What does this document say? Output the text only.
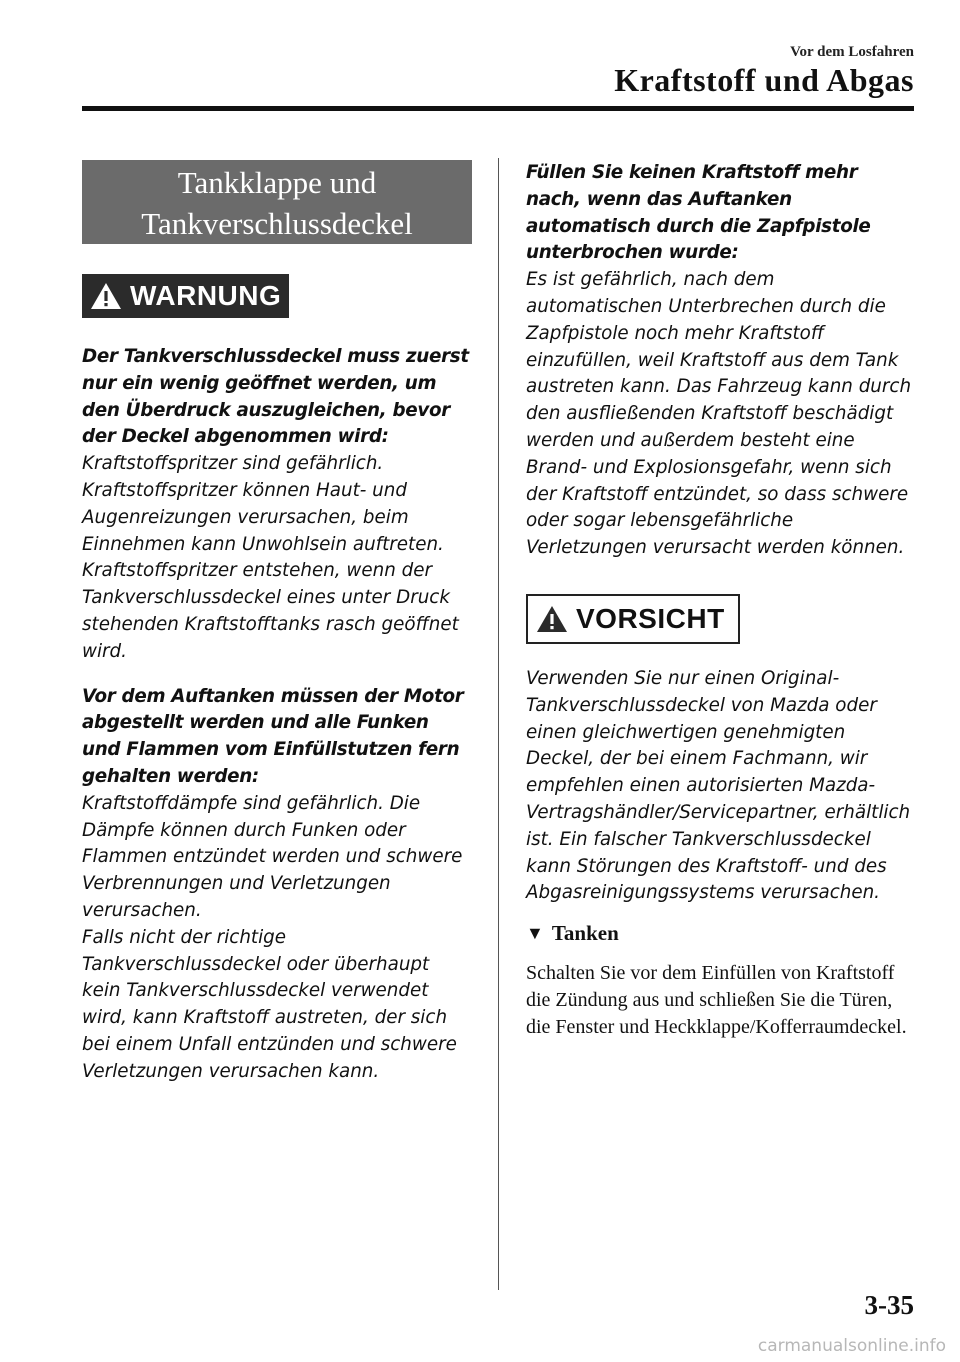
Vor dem Losfahren
Kraftstoff und Abgas
Tankklappe und
Tankverschlussdeckel
WARNUNG

Der Tankverschlussdeckel muss zuerst nur ein wenig geöffnet werden, um den Überdruck auszugleichen, bevor der Deckel abgenommen wird:

Kraftstoffspritzer sind gefährlich. Kraftstoffspritzer können Haut- und Augenreizungen verursachen, beim Einnehmen kann Unwohlsein auftreten. Kraftstoffspritzer entstehen, wenn der Tankverschlussdeckel eines unter Druck stehenden Kraftstofftanks rasch geöffnet wird.

Vor dem Auftanken müssen der Motor abgestellt werden und alle Funken und Flammen vom Einfüllstutzen fern gehalten werden:

Kraftstoffdämpfe sind gefährlich. Die Dämpfe können durch Funken oder Flammen entzündet werden und schwere Verbrennungen und Verletzungen verursachen.

Falls nicht der richtige Tankverschlussdeckel oder überhaupt kein Tankverschlussdeckel verwendet wird, kann Kraftstoff austreten, der sich bei einem Unfall entzünden und schwere Verletzungen verursachen kann.

Füllen Sie keinen Kraftstoff mehr nach, wenn das Auftanken automatisch durch die Zapfpistole unterbrochen wurde:

Es ist gefährlich, nach dem automatischen Unterbrechen durch die Zapfpistole noch mehr Kraftstoff einzufüllen, weil Kraftstoff aus dem Tank austreten kann. Das Fahrzeug kann durch den ausfließenden Kraftstoff beschädigt werden und außerdem besteht eine Brand- und Explosionsgefahr, wenn sich der Kraftstoff entzündet, so dass schwere oder sogar lebensgefährliche Verletzungen verursacht werden können.

VORSICHT

Verwenden Sie nur einen Original-Tankverschlussdeckel von Mazda oder einen gleichwertigen genehmigten Deckel, der bei einem Fachmann, wir empfehlen einen autorisierten Mazda-Vertragshändler/Servicepartner, erhältlich ist. Ein falscher Tankverschlussdeckel kann Störungen des Kraftstoff- und des Abgasreinigungssystems verursachen.

▼ Tanken

Schalten Sie vor dem Einfüllen von Kraftstoff die Zündung aus und schließen Sie die Türen, die Fenster und Heckklappe/Kofferraumdeckel.

3-35
carmanualsonline.info
